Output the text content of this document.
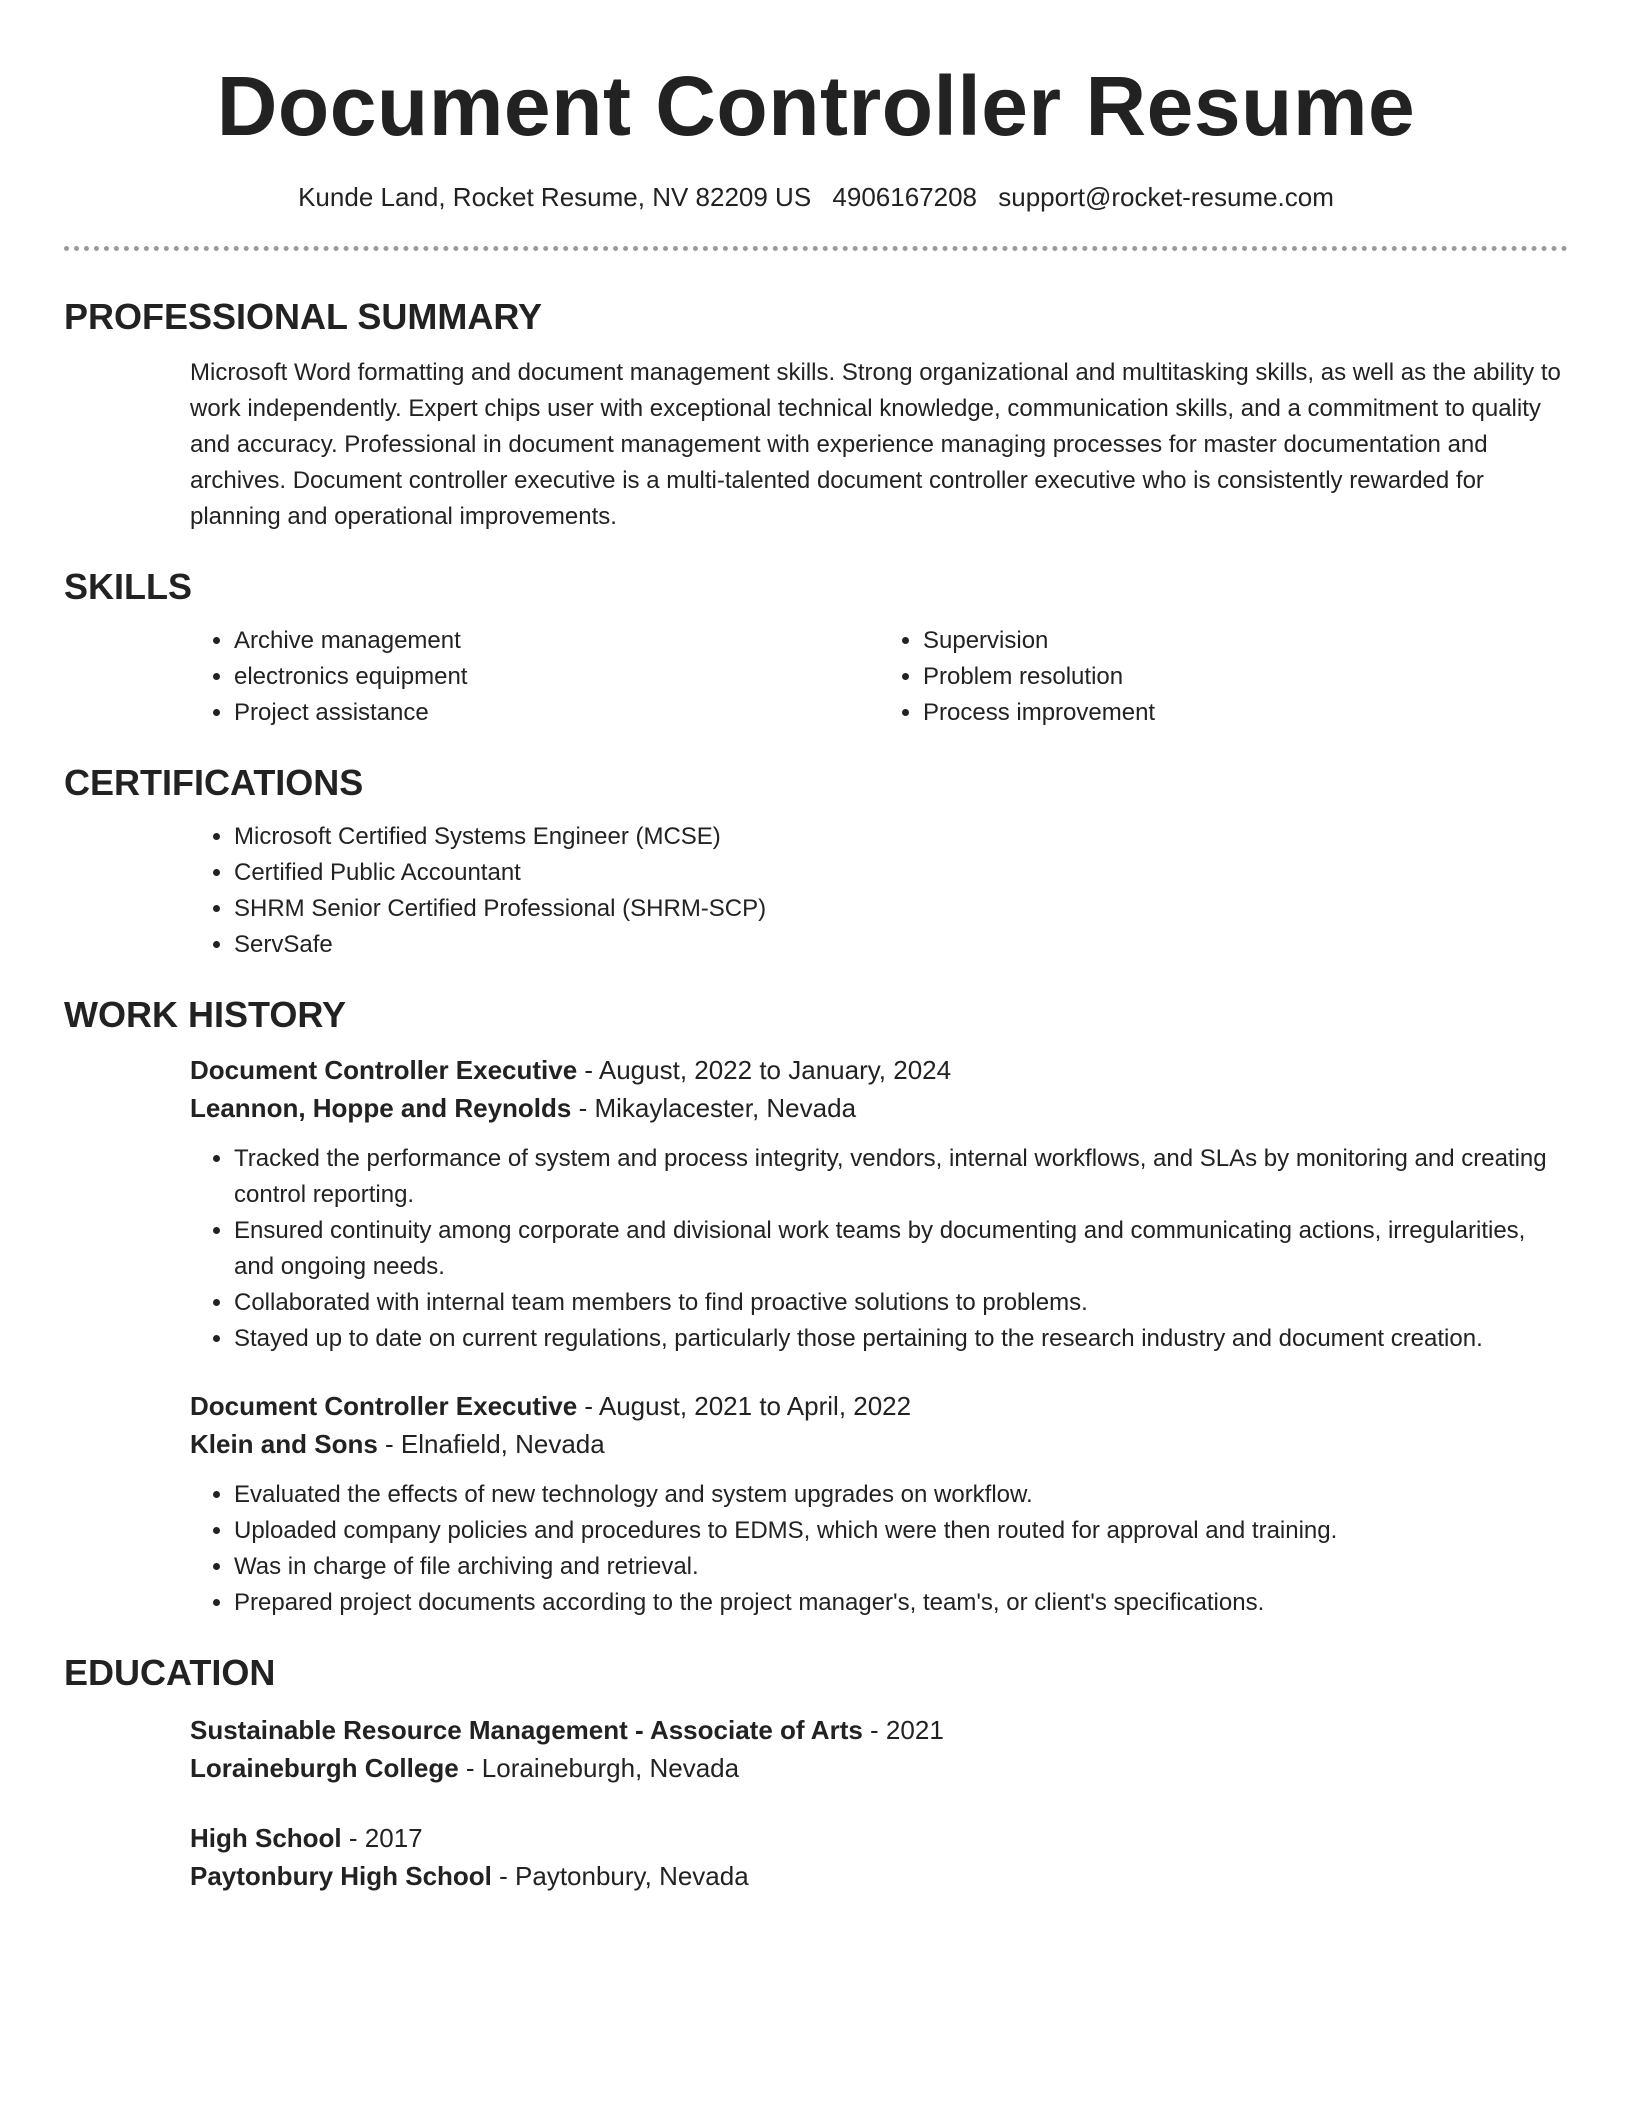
Document Controller Resume
Kunde Land, Rocket Resume, NV 82209 US 4906167208 support@rocket-resume.com
PROFESSIONAL SUMMARY

Microsoft Word formatting and document management skills. Strong organizational and multitasking skills, as well as the ability to work independently. Expert chips user with exceptional technical knowledge, communication skills, and a commitment to quality and accuracy. Professional in document management with experience managing processes for master documentation and archives. Document controller executive is a multi-talented document controller executive who is consistently rewarded for planning and operational improvements.

SKILLS
• Archive management
• electronics equipment
• Project assistance
• Supervision
• Problem resolution
• Process improvement
CERTIFICATIONS
• Microsoft Certified Systems Engineer (MCSE)
• Certified Public Accountant
• SHRM Senior Certified Professional (SHRM-SCP)
• ServSafe
WORK HISTORY
Document Controller Executive - August, 2022 to January, 2024
Leannon, Hoppe and Reynolds - Mikaylacester, Nevada
• Tracked the performance of system and process integrity, vendors, internal workflows, and SLAs by monitoring and creating control reporting.
• Ensured continuity among corporate and divisional work teams by documenting and communicating actions, irregularities, and ongoing needs.
• Collaborated with internal team members to find proactive solutions to problems.
• Stayed up to date on current regulations, particularly those pertaining to the research industry and document creation.
Document Controller Executive - August, 2021 to April, 2022
Klein and Sons - Elnafield, Nevada
• Evaluated the effects of new technology and system upgrades on workflow.
• Uploaded company policies and procedures to EDMS, which were then routed for approval and training.
• Was in charge of file archiving and retrieval.
• Prepared project documents according to the project manager's, team's, or client's specifications.
EDUCATION
Sustainable Resource Management - Associate of Arts - 2021
Loraineburgh College - Loraineburgh, Nevada
High School - 2017
Paytonbury High School - Paytonbury, Nevada
